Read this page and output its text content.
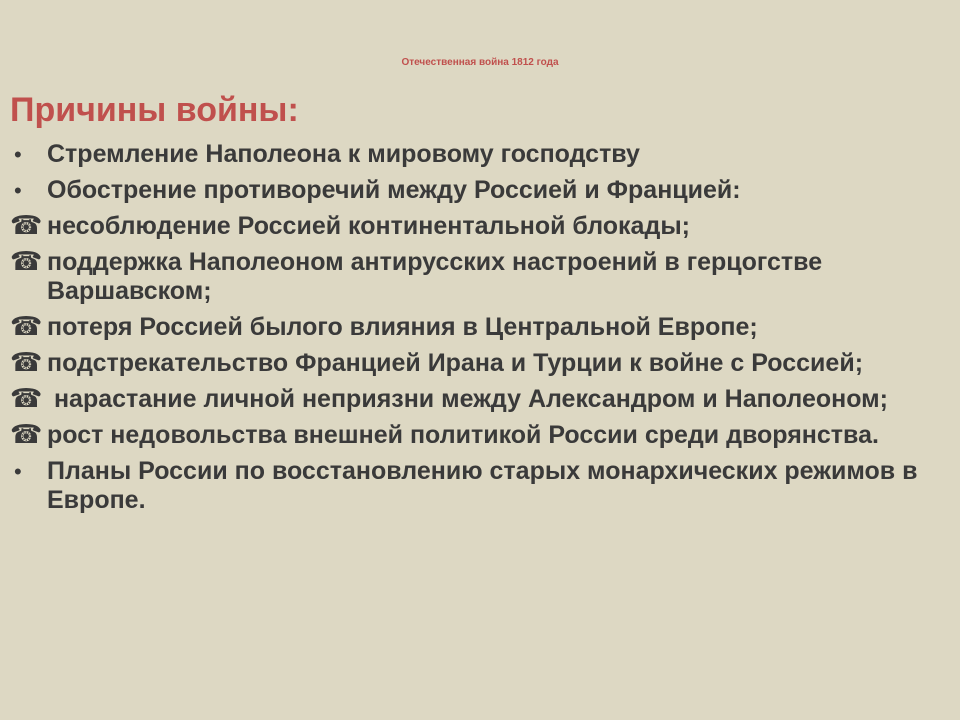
Отечественная война 1812 года
Причины войны:
•	Стремление Наполеона к мировому господству
•	Обострение противоречий между Россией и Францией:
☎ несоблюдение Россией континентальной блокады;
☎ поддержка Наполеоном антирусских настроений в герцогстве Варшавском;
☎ потеря Россией былого влияния в Центральной Европе;
☎ подстрекательство Францией Ирана и Турции к войне с Россией;
☎ нарастание личной неприязни между Александром и Наполеоном;
☎ рост недовольства внешней политикой России среди дворянства.
•	Планы России по восстановлению старых монархических режимов в Европе.
